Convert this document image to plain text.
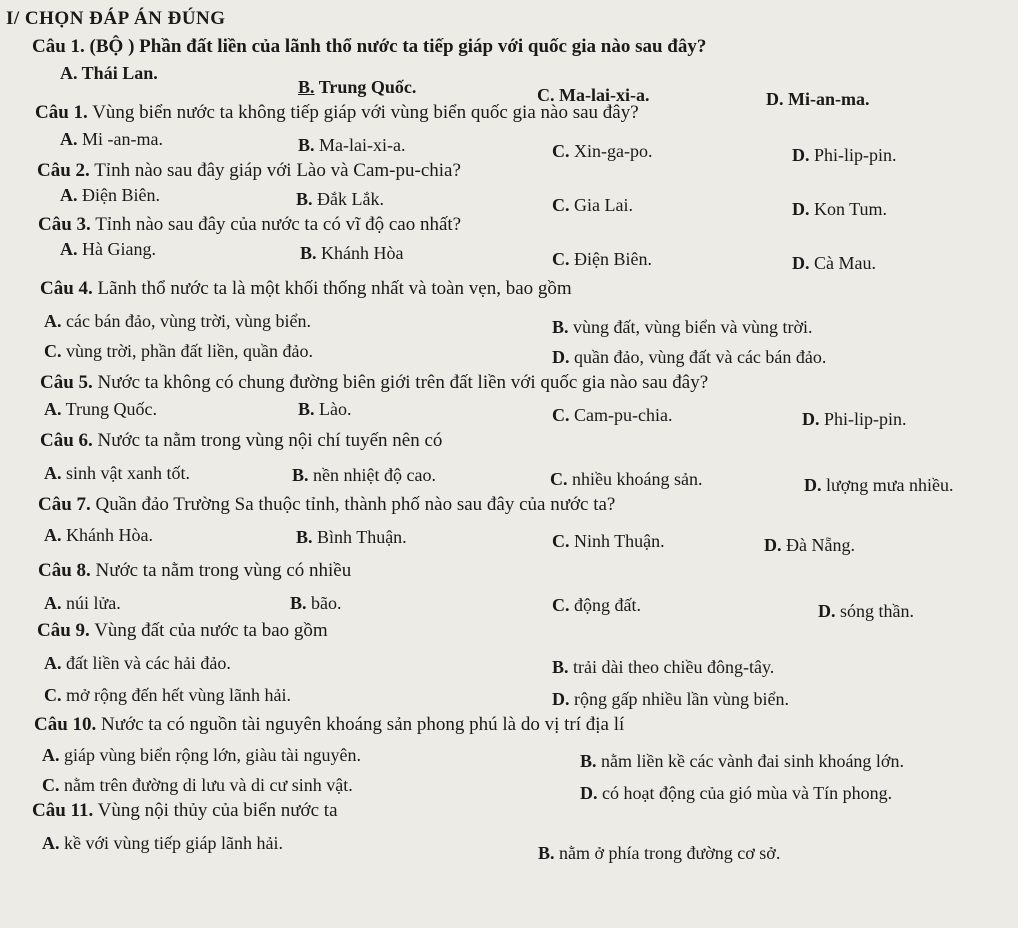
I/ CHỌN ĐÁP ÁN ĐÚNG
Câu 1. (BỘ ) Phần đất liền của lãnh thổ nước ta tiếp giáp với quốc gia nào sau đây?
A. Thái Lan.
B. Trung Quốc.	C. Ma-lai-xi-a.	D. Mi-an-ma.
Câu 1. Vùng biển nước ta không tiếp giáp với vùng biển quốc gia nào sau đây?
A. Mi -an-ma.	B. Ma-lai-xi-a.	C. Xin-ga-po.	D. Phi-lip-pin.
Câu 2. Tỉnh nào sau đây giáp với Lào và Cam-pu-chia?
A. Điện Biên.	B. Đắk Lắk.	C. Gia Lai.	D. Kon Tum.
Câu 3. Tỉnh nào sau đây của nước ta có vĩ độ cao nhất?
A. Hà Giang.	B. Khánh Hòa	C. Điện Biên.	D. Cà Mau.
Câu 4. Lãnh thổ nước ta là một khối thống nhất và toàn vẹn, bao gồm
A. các bán đảo, vùng trời, vùng biển.	B. vùng đất, vùng biển và vùng trời.
C. vùng trời, phần đất liền, quần đảo.	D. quần đảo, vùng đất và các bán đảo.
Câu 5. Nước ta không có chung đường biên giới trên đất liền với quốc gia nào sau đây?
A. Trung Quốc.	B. Lào.	C. Cam-pu-chia.	D. Phi-lip-pin.
Câu 6. Nước ta nằm trong vùng nội chí tuyến nên có
A. sinh vật xanh tốt.	B. nền nhiệt độ cao.	C. nhiều khoáng sản.	D. lượng mưa nhiều.
Câu 7. Quần đảo Trường Sa thuộc tỉnh, thành phố nào sau đây của nước ta?
A. Khánh Hòa.	B. Bình Thuận.	C. Ninh Thuận.	D. Đà Nẵng.
Câu 8. Nước ta nằm trong vùng có nhiều
A. núi lửa.	B. bão.	C. động đất.	D. sóng thần.
Câu 9. Vùng đất của nước ta bao gồm
A. đất liền và các hải đảo.	B. trải dài theo chiều đông-tây.
C. mở rộng đến hết vùng lãnh hải.	D. rộng gấp nhiều lần vùng biển.
Câu 10. Nước ta có nguồn tài nguyên khoáng sản phong phú là do vị trí địa lí
A. giáp vùng biển rộng lớn, giàu tài nguyên.	B. nằm liền kề các vành đai sinh khoáng lớn.
C. nằm trên đường di lưu và di cư sinh vật.	D. có hoạt động của gió mùa và Tín phong.
Câu 11. Vùng nội thủy của biển nước ta
A. kề với vùng tiếp giáp lãnh hải.	B. nằm ở phía trong đường cơ sở.
